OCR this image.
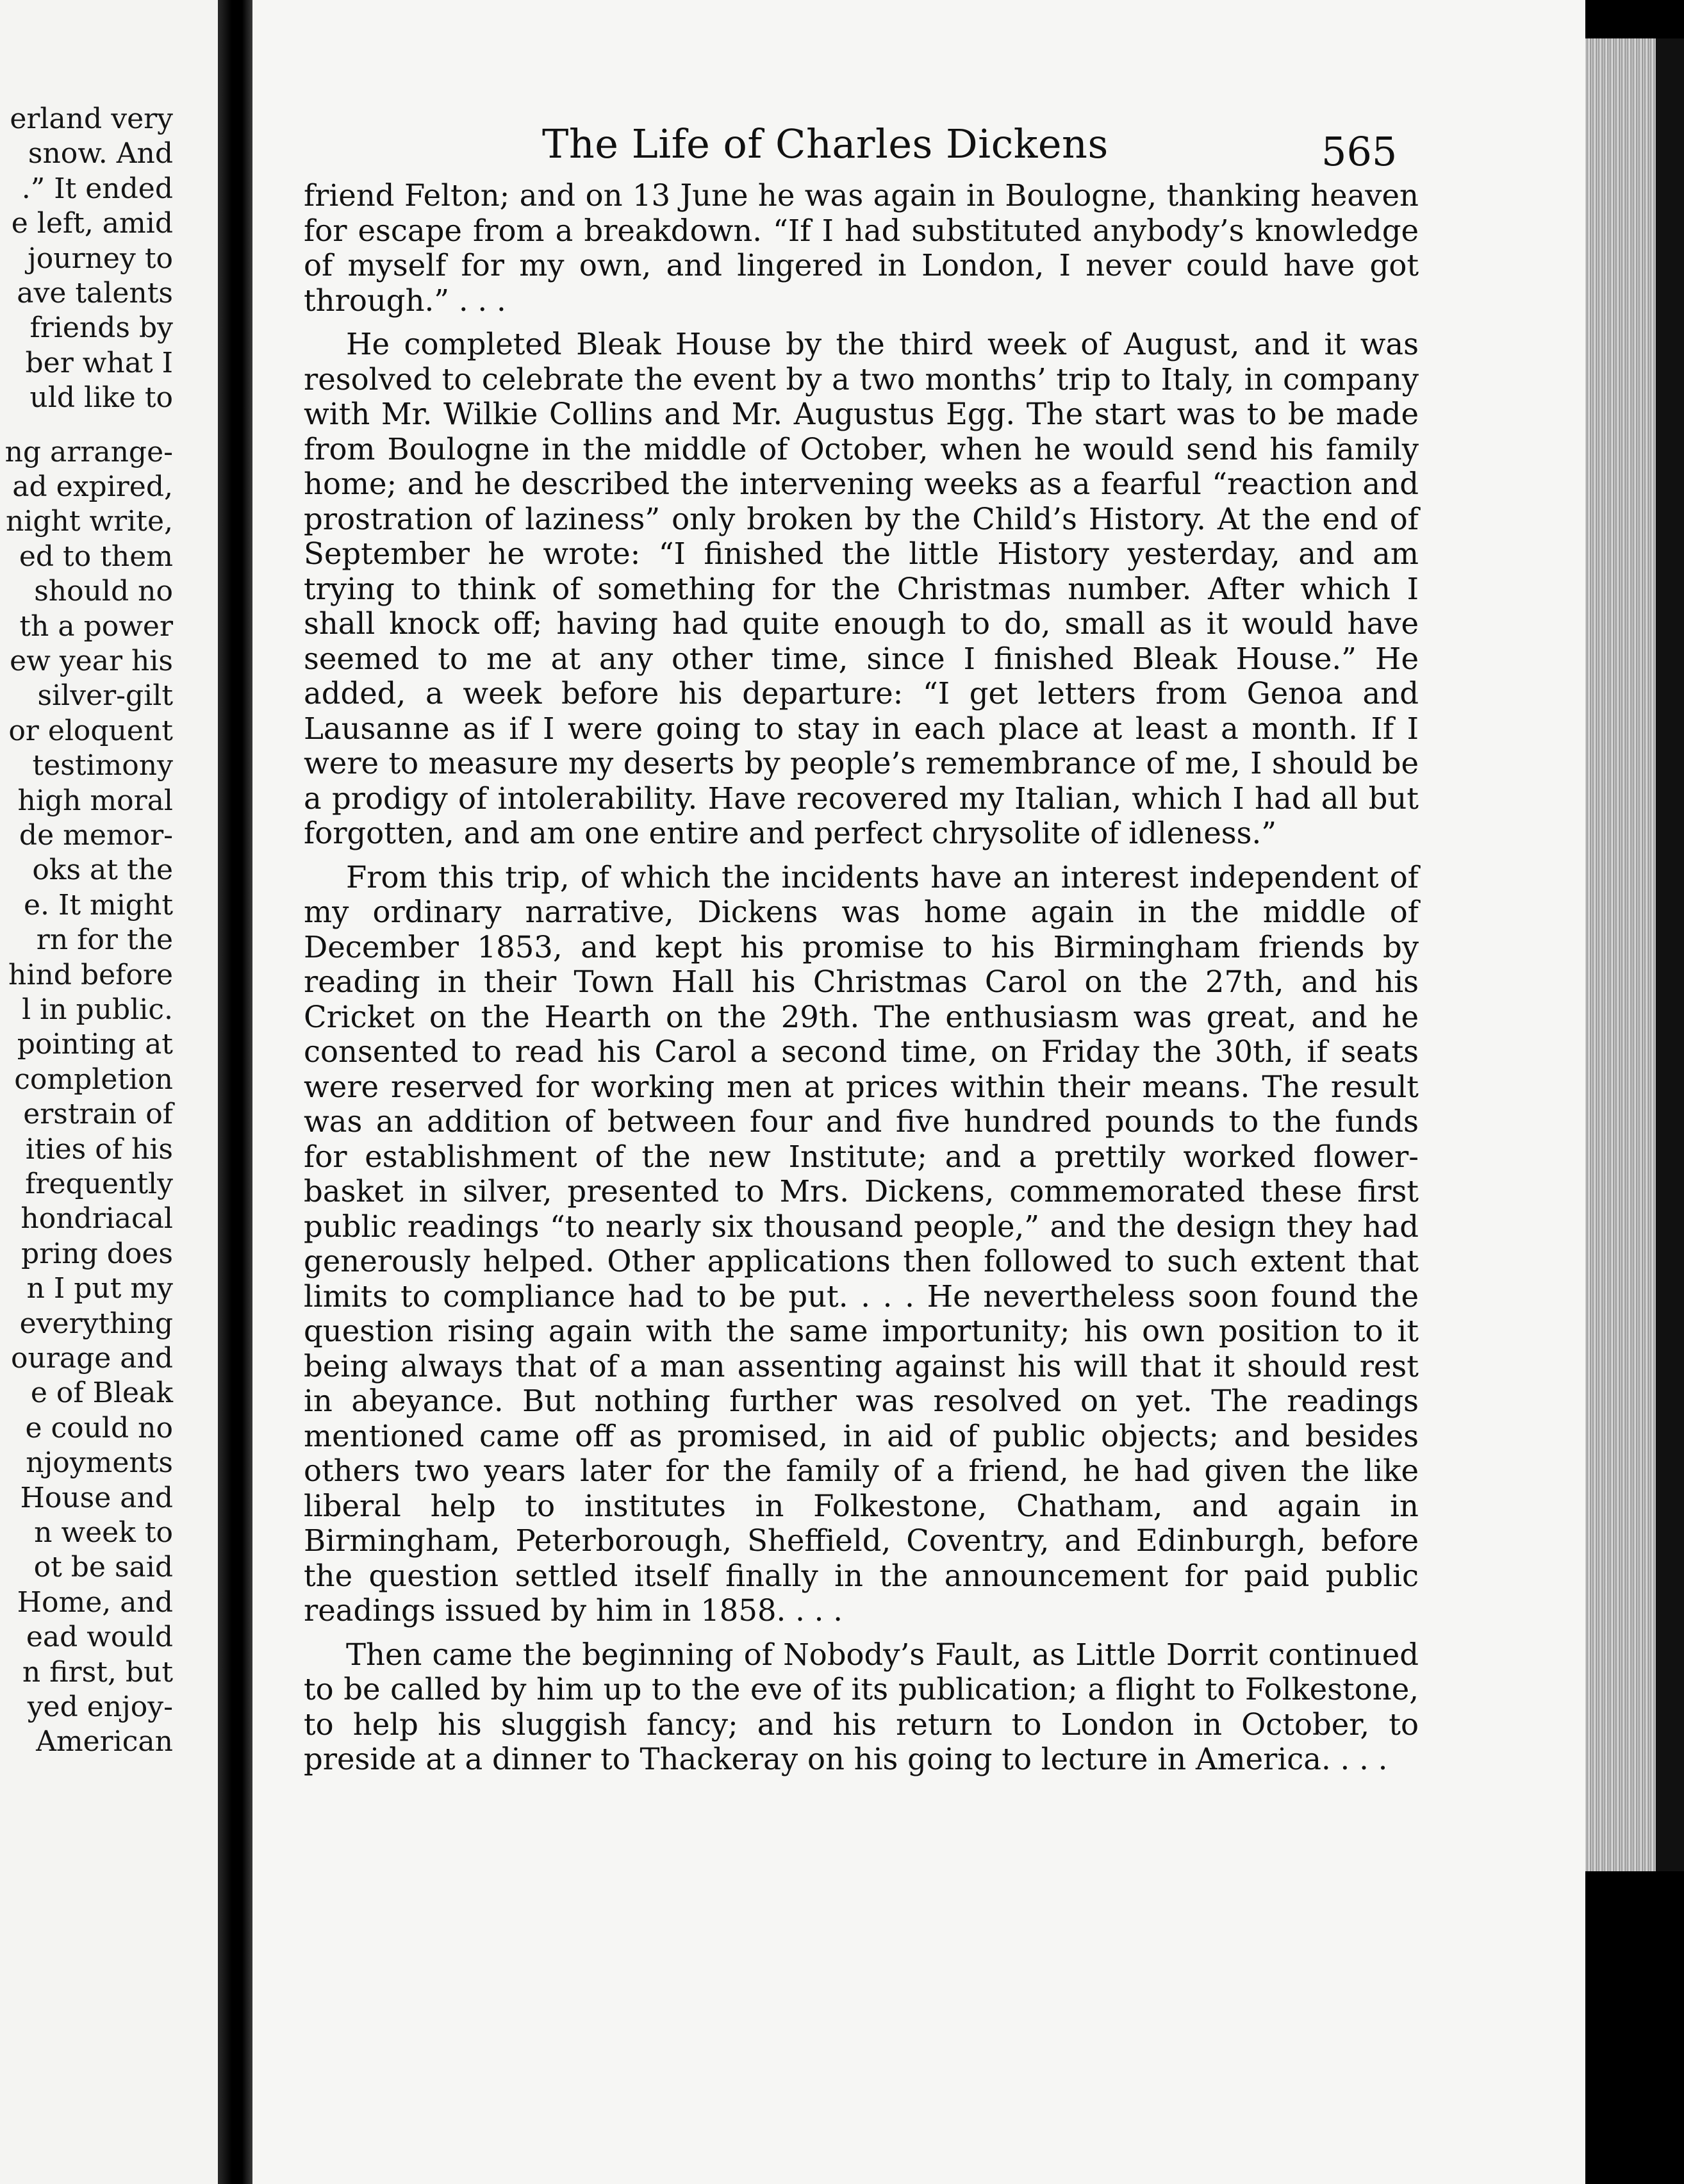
erland very
snow. And
.” It ended
e left, amid
journey to
ave talents
friends by
ber what I
uld like to
ng arrange-
ad expired,
night write,
ed to them
should no
th a power
ew year his
silver-gilt
or eloquent
testimony
high moral
de memor-
oks at the
e. It might
rn for the
hind before
l in public.
pointing at
completion
erstrain of
ities of his
frequently
hondriacal
pring does
n I put my
everything
ourage and
e of Bleak
e could no
njoyments
House and
n week to
ot be said
Home, and
ead would
n first, but
yed enjoy-
American
The Life of Charles Dickens	565

friend Felton; and on 13 June he was again in Boulogne, thanking heaven for escape from a breakdown. “If I had substituted anybody’s knowledge of myself for my own, and lingered in London, I never could have got through.” . . .

He completed Bleak House by the third week of August, and it was resolved to celebrate the event by a two months’ trip to Italy, in company with Mr. Wilkie Collins and Mr. Augustus Egg. The start was to be made from Boulogne in the middle of October, when he would send his family home; and he described the intervening weeks as a fearful “reaction and prostration of laziness” only broken by the Child’s History. At the end of September he wrote: “I finished the little History yesterday, and am trying to think of something for the Christmas number. After which I shall knock off; having had quite enough to do, small as it would have seemed to me at any other time, since I finished Bleak House.” He added, a week before his departure: “I get letters from Genoa and Lausanne as if I were going to stay in each place at least a month. If I were to measure my deserts by people’s remembrance of me, I should be a prodigy of intolerability. Have recovered my Italian, which I had all but forgotten, and am one entire and perfect chrysolite of idleness.”

From this trip, of which the incidents have an interest independent of my ordinary narrative, Dickens was home again in the middle of December 1853, and kept his promise to his Birmingham friends by reading in their Town Hall his Christmas Carol on the 27th, and his Cricket on the Hearth on the 29th. The enthusiasm was great, and he consented to read his Carol a second time, on Friday the 30th, if seats were reserved for working men at prices within their means. The result was an addition of between four and five hundred pounds to the funds for establishment of the new Institute; and a prettily worked flower-basket in silver, presented to Mrs. Dickens, commemorated these first public readings “to nearly six thousand people,” and the design they had generously helped. Other applications then followed to such extent that limits to compliance had to be put. . . . He nevertheless soon found the question rising again with the same importunity; his own position to it being always that of a man assenting against his will that it should rest in abeyance. But nothing further was resolved on yet. The readings mentioned came off as promised, in aid of public objects; and besides others two years later for the family of a friend, he had given the like liberal help to institutes in Folkestone, Chatham, and again in Birmingham, Peterborough, Sheffield, Coventry, and Edinburgh, before the question settled itself finally in the announcement for paid public readings issued by him in 1858. . . .

Then came the beginning of Nobody’s Fault, as Little Dorrit continued to be called by him up to the eve of its publication; a flight to Folkestone, to help his sluggish fancy; and his return to London in October, to preside at a dinner to Thackeray on his going to lecture in America. . . .
